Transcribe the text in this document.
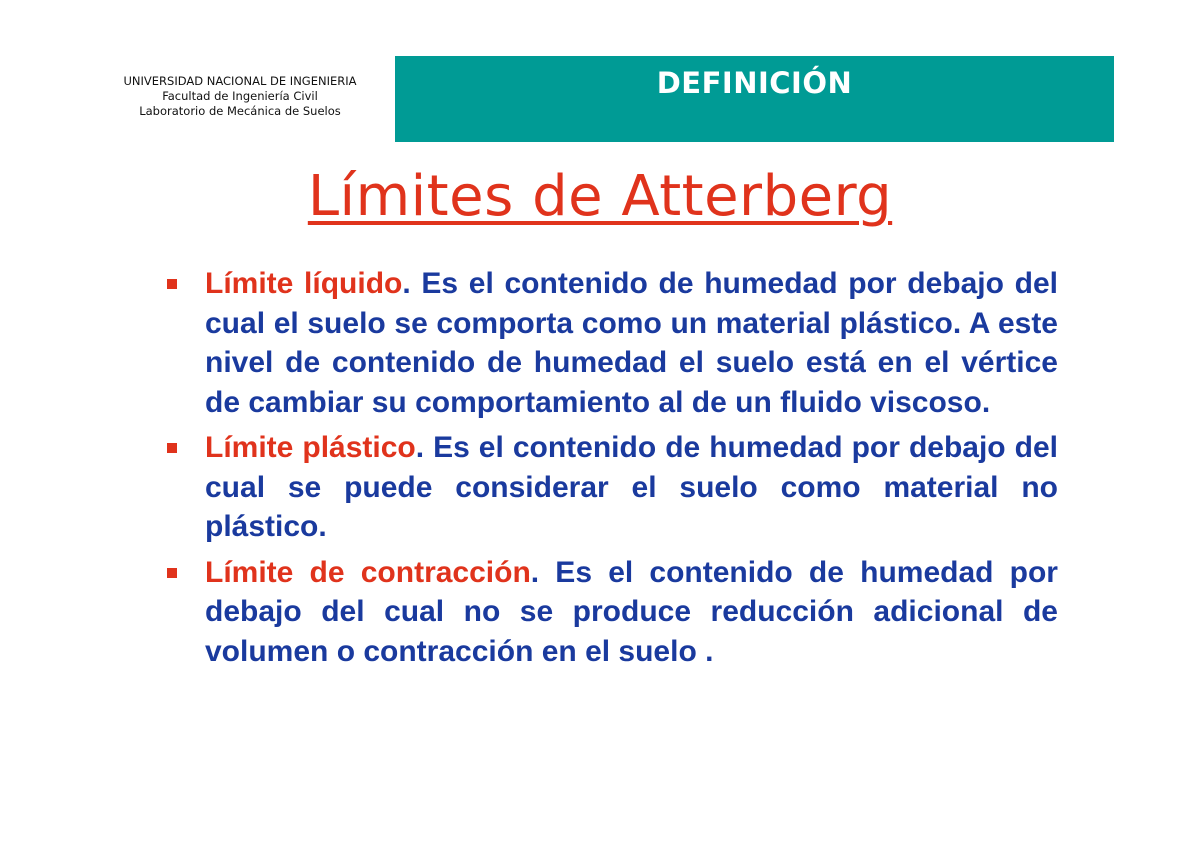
UNIVERSIDAD NACIONAL DE INGENIERIA
Facultad de Ingeniería Civil
Laboratorio de Mecánica de Suelos
DEFINICIÓN
Límites de Atterberg
Límite líquido. Es el contenido de humedad por debajo del cual el suelo se comporta como un material plástico. A este nivel de contenido de humedad el suelo está en el vértice de cambiar su comportamiento al de un fluido viscoso.
Límite plástico. Es el contenido de humedad por debajo del cual se puede considerar el suelo como material no plástico.
Límite de contracción. Es el contenido de humedad por debajo del cual no se produce reducción adicional de volumen o contracción en el suelo .
